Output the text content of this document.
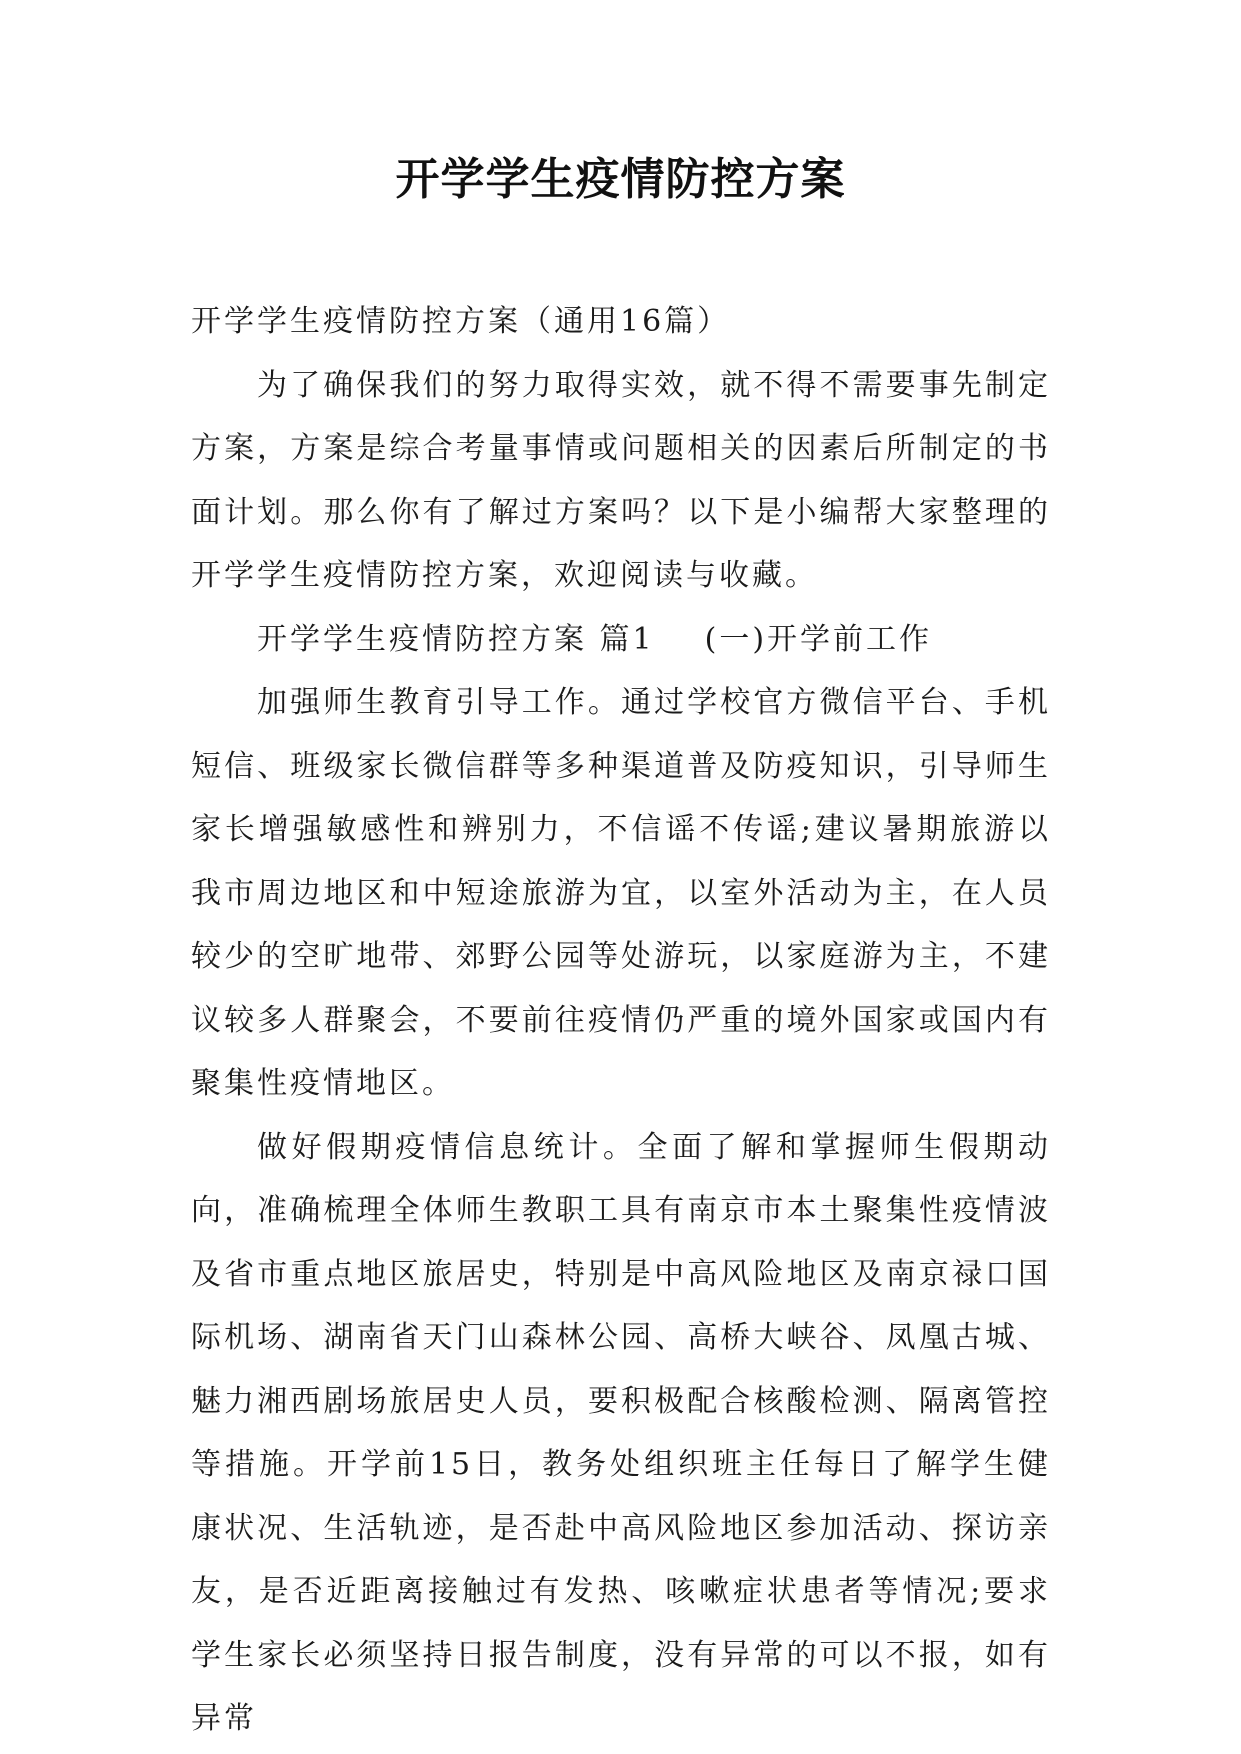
开学学生疫情防控方案

开学学生疫情防控方案（通用16篇）

为了确保我们的努力取得实效，就不得不需要事先制定方案，方案是综合考量事情或问题相关的因素后所制定的书面计划。那么你有了解过方案吗？以下是小编帮大家整理的开学学生疫情防控方案，欢迎阅读与收藏。

开学学生疫情防控方案 篇1 (一)开学前工作

加强师生教育引导工作。通过学校官方微信平台、手机短信、班级家长微信群等多种渠道普及防疫知识，引导师生家长增强敏感性和辨别力，不信谣不传谣;建议暑期旅游以我市周边地区和中短途旅游为宜，以室外活动为主，在人员较少的空旷地带、郊野公园等处游玩，以家庭游为主，不建议较多人群聚会，不要前往疫情仍严重的境外国家或国内有聚集性疫情地区。

做好假期疫情信息统计。全面了解和掌握师生假期动向，准确梳理全体师生教职工具有南京市本土聚集性疫情波及省市重点地区旅居史，特别是中高风险地区及南京禄口国际机场、湖南省天门山森林公园、高桥大峡谷、凤凰古城、魅力湘西剧场旅居史人员，要积极配合核酸检测、隔离管控等措施。开学前15日，教务处组织班主任每日了解学生健康状况、生活轨迹，是否赴中高风险地区参加活动、探访亲友，是否近距离接触过有发热、咳嗽症状患者等情况;要求学生家长必须坚持日报告制度，没有异常的可以不报，如有异常
